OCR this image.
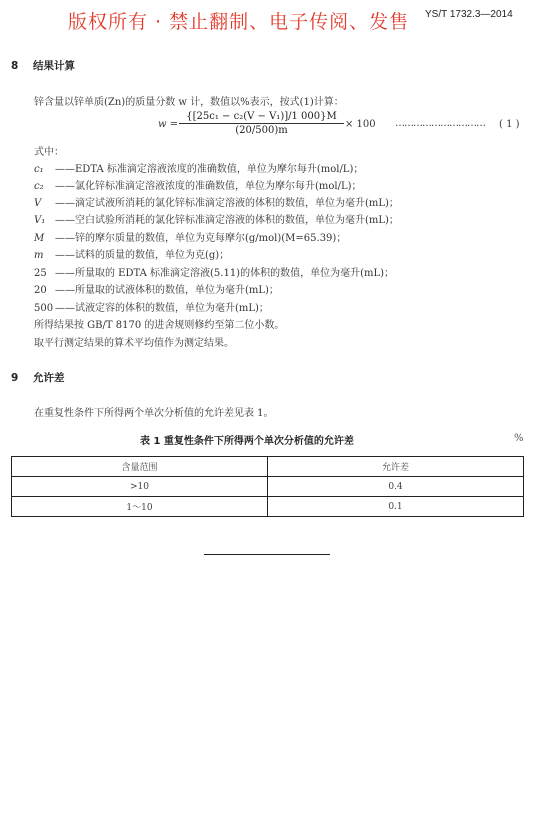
版权所有 · 禁止翻制、电子传阅、发售 YS/T 1732.3—2014
8 结果计算
锌含量以锌单质(Zn)的质量分数 w 计，数值以%表示，按式(1)计算：
$w = \frac{\text{\{[25c₁ − c₂(V − V₁)]/1 000\}M}}{(20/500)m} \times 100$ ………………………… ( 1 )
式中：
c₁ ——EDTA 标准滴定溶液浓度的准确数值，单位为摩尔每升(mol/L)；
c₂ ——氯化锌标准滴定溶液浓度的准确数值，单位为摩尔每升(mol/L)；
V ——滴定试液所消耗的氯化锌标准滴定溶液的体积的数值，单位为毫升(mL)；
V₁ ——空白试验所消耗的氯化锌标准滴定溶液的体积的数值，单位为毫升(mL)；
M ——锌的摩尔质量的数值，单位为克每摩尔(g/mol)(M=65.39)；
m ——试料的质量的数值，单位为克(g)；
25 ——所量取的 EDTA 标准滴定溶液(5.11)的体积的数值，单位为毫升(mL)；
20 ——所量取的试液体积的数值，单位为毫升(mL)；
500 ——试液定容的体积的数值，单位为毫升(mL)；
所得结果按 GB/T 8170 的进舍规则修约至第二位小数。
取平行测定结果的算术平均值作为测定结果。
9 允许差
在重复性条件下所得两个单次分析值的允许差见表 1。
表 1 重复性条件下所得两个单次分析值的允许差	%
含量范围	允许差
>10	0.4
1～10	0.1
